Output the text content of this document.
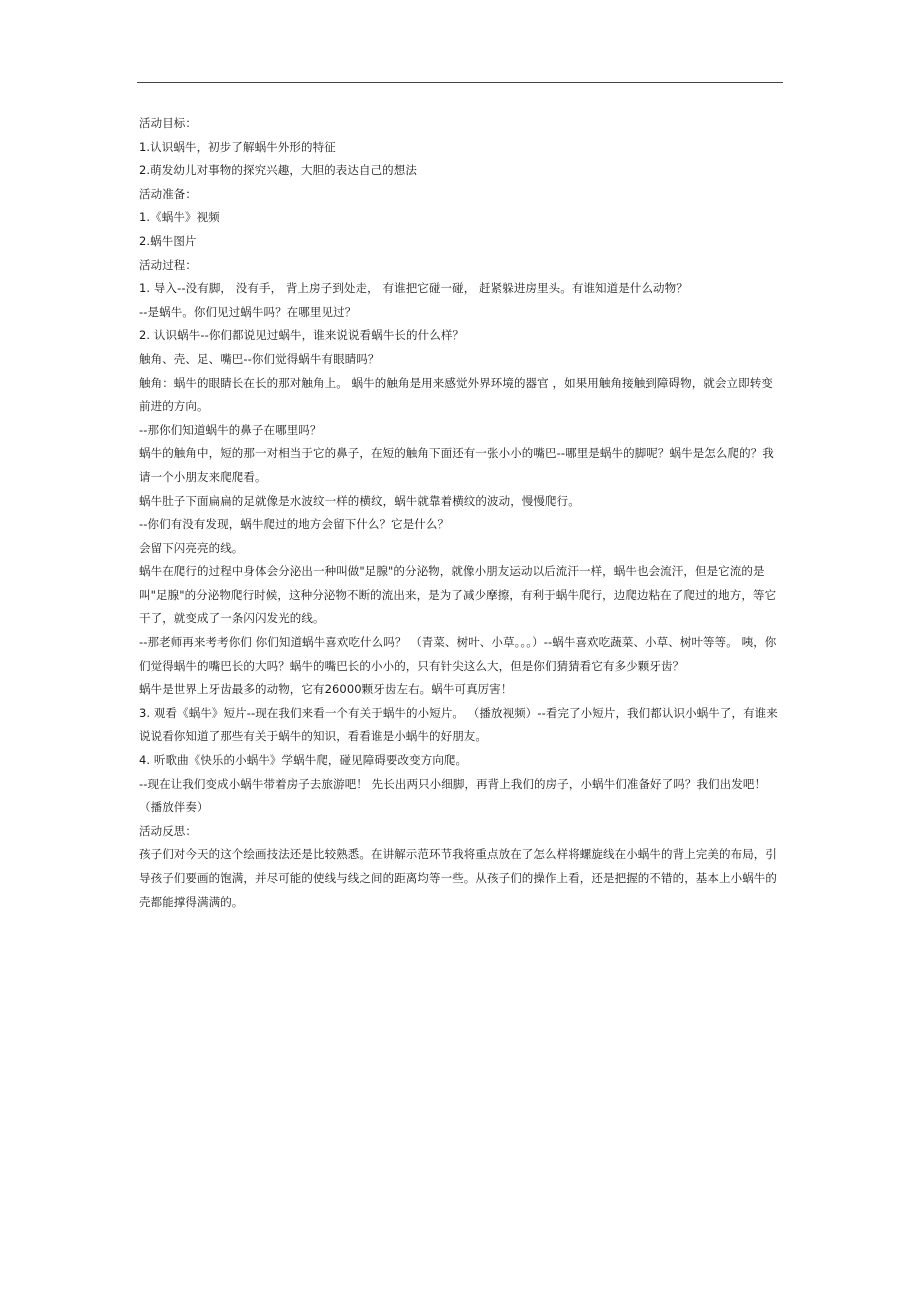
活动目标：

1.认识蜗牛，初步了解蜗牛外形的特征

2.萌发幼儿对事物的探究兴趣，大胆的表达自己的想法

活动准备：

1.《蜗牛》视频

2.蜗牛图片

活动过程：

1. 导入--没有脚， 没有手， 背上房子到处走， 有谁把它碰一碰， 赶紧躲进房里头。有谁知道是什么动物？

--是蜗牛。你们见过蜗牛吗？在哪里见过？

2. 认识蜗牛--你们都说见过蜗牛，谁来说说看蜗牛长的什么样？

触角、壳、足、嘴巴--你们觉得蜗牛有眼睛吗？

触角：蜗牛的眼睛长在长的那对触角上。 蜗牛的触角是用来感觉外界环境的器官 ，如果用触角接触到障碍物，就会立即转变前进的方向。

--那你们知道蜗牛的鼻子在哪里吗？

蜗牛的触角中，短的那一对相当于它的鼻子，在短的触角下面还有一张小小的嘴巴--哪里是蜗牛的脚呢？蜗牛是怎么爬的？我请一个小朋友来爬爬看。

蜗牛肚子下面扁扁的足就像是水波纹一样的横纹，蜗牛就靠着横纹的波动，慢慢爬行。

--你们有没有发现，蜗牛爬过的地方会留下什么？它是什么？

会留下闪亮亮的线。

蜗牛在爬行的过程中身体会分泌出一种叫做"足腺"的分泌物，就像小朋友运动以后流汗一样，蜗牛也会流汗，但是它流的是叫"足腺"的分泌物爬行时候，这种分泌物不断的流出来，是为了减少摩擦，有利于蜗牛爬行，边爬边粘在了爬过的地方，等它干了，就变成了一条闪闪发光的线。

--那老师再来考考你们 你们知道蜗牛喜欢吃什么吗？ （青菜、树叶、小草。。。）--蜗牛喜欢吃蔬菜、小草、树叶等等。 咦，你们觉得蜗牛的嘴巴长的大吗？蜗牛的嘴巴长的小小的，只有针尖这么大，但是你们猜猜看它有多少颗牙齿？

蜗牛是世界上牙齿最多的动物，它有26000颗牙齿左右。蜗牛可真厉害！

3. 观看《蜗牛》短片--现在我们来看一个有关于蜗牛的小短片。 （播放视频）--看完了小短片，我们都认识小蜗牛了，有谁来说说看你知道了那些有关于蜗牛的知识，看看谁是小蜗牛的好朋友。

4. 听歌曲《快乐的小蜗牛》学蜗牛爬，碰见障碍要改变方向爬。

--现在让我们变成小蜗牛带着房子去旅游吧！ 先长出两只小细脚，再背上我们的房子，小蜗牛们准备好了吗？我们出发吧！ （播放伴奏）

活动反思：

孩子们对今天的这个绘画技法还是比较熟悉。在讲解示范环节我将重点放在了怎么样将螺旋线在小蜗牛的背上完美的布局，引导孩子们要画的饱满，并尽可能的使线与线之间的距离均等一些。从孩子们的操作上看，还是把握的不错的，基本上小蜗牛的壳都能撑得满满的。
